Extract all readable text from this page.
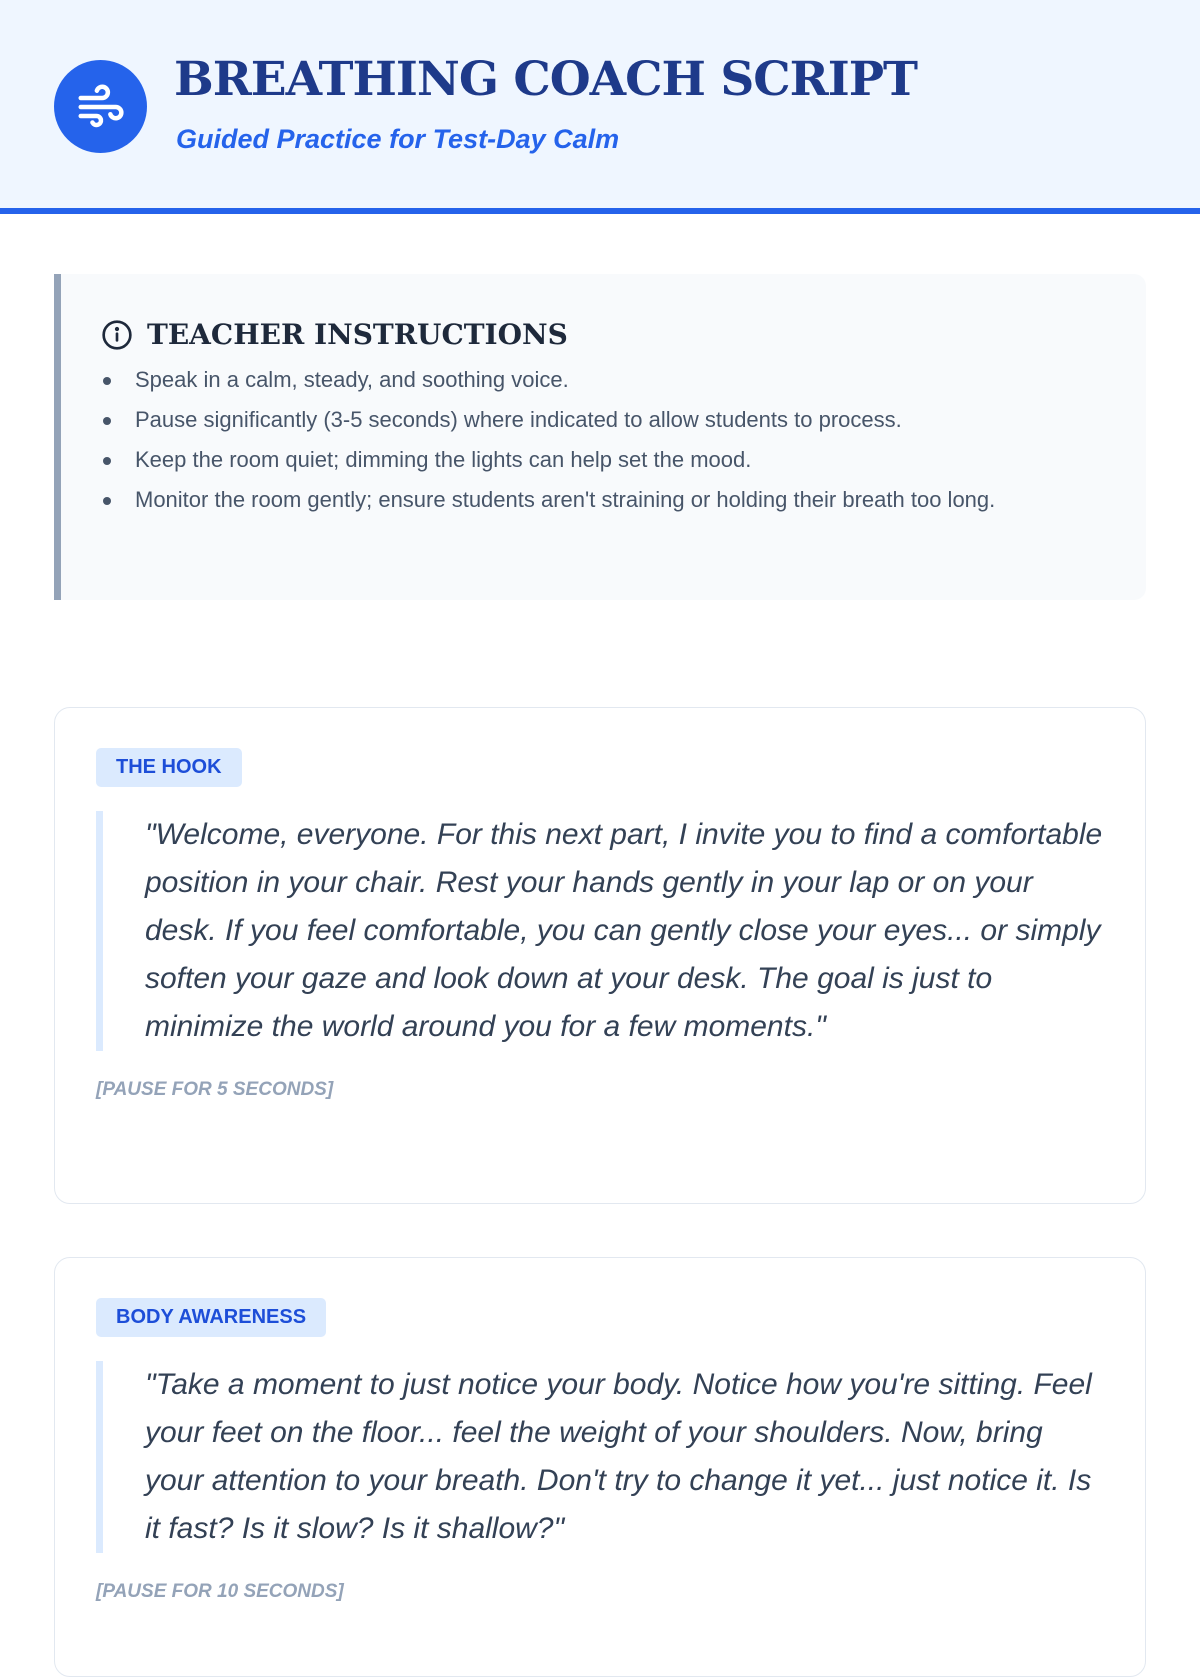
BREATHING COACH SCRIPT
Guided Practice for Test-Day Calm
TEACHER INSTRUCTIONS
Speak in a calm, steady, and soothing voice.
Pause significantly (3-5 seconds) where indicated to allow students to process.
Keep the room quiet; dimming the lights can help set the mood.
Monitor the room gently; ensure students aren't straining or holding their breath too long.
THE HOOK
"Welcome, everyone. For this next part, I invite you to find a comfortable position in your chair. Rest your hands gently in your lap or on your desk. If you feel comfortable, you can gently close your eyes... or simply soften your gaze and look down at your desk. The goal is just to minimize the world around you for a few moments."
[PAUSE FOR 5 SECONDS]
BODY AWARENESS
"Take a moment to just notice your body. Notice how you're sitting. Feel your feet on the floor... feel the weight of your shoulders. Now, bring your attention to your breath. Don't try to change it yet... just notice it. Is it fast? Is it slow? Is it shallow?"
[PAUSE FOR 10 SECONDS]
